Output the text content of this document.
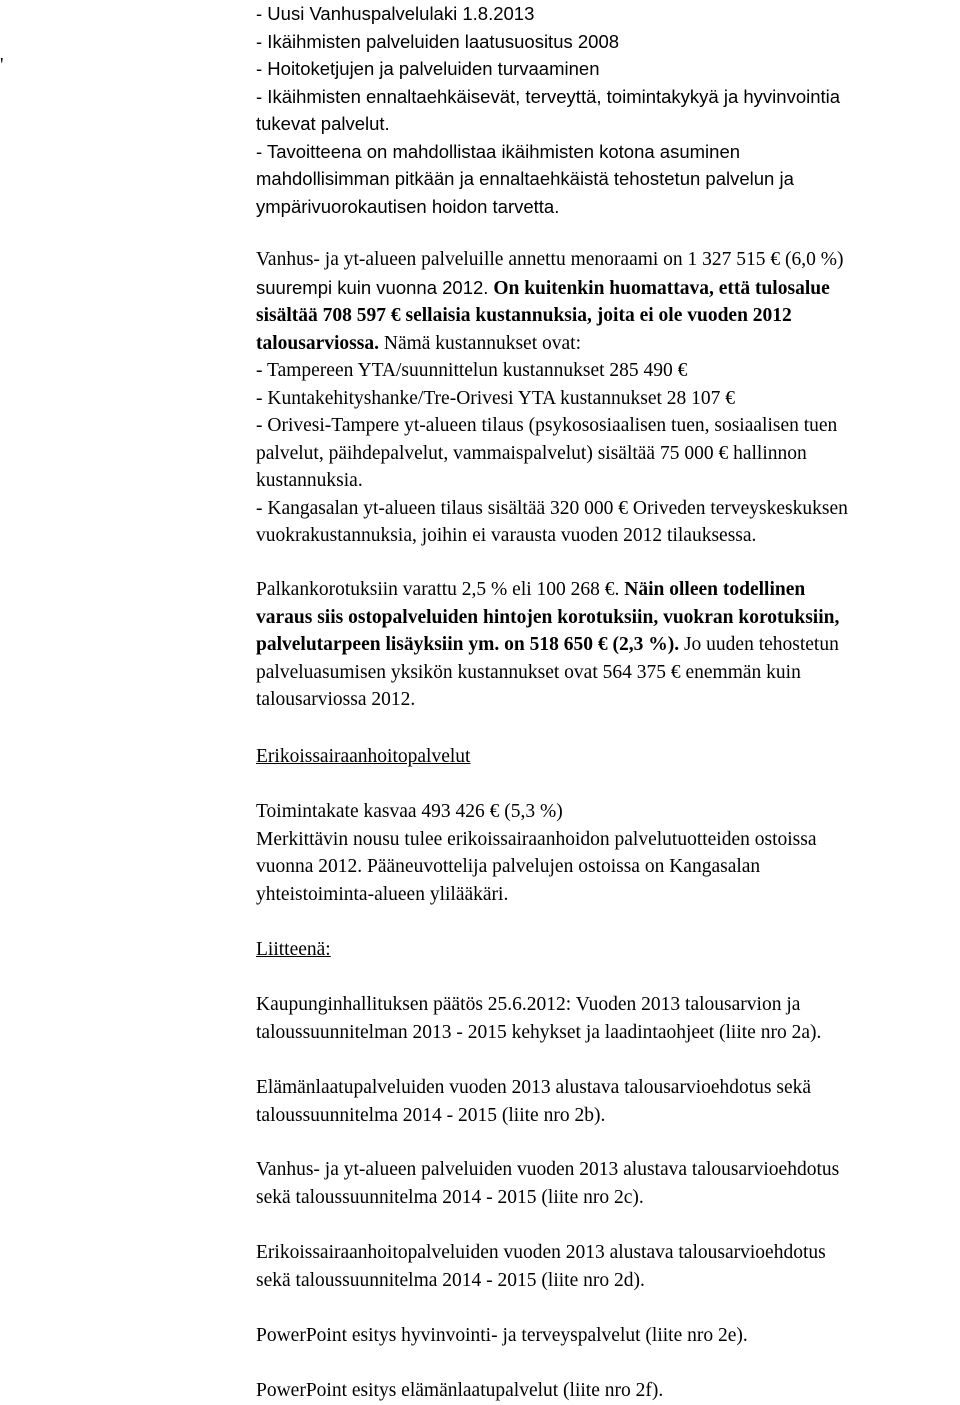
'
- Uusi Vanhuspalvelulaki 1.8.2013
- Ikäihmisten palveluiden laatusuositus 2008
- Hoitoketjujen ja palveluiden turvaaminen
- Ikäihmisten ennaltaehkäisevät, terveyttä, toimintakykyä ja hyvinvointia
tukevat palvelut.
- Tavoitteena on mahdollistaa ikäihmisten kotona asuminen
mahdollisimman pitkään ja ennaltaehkäistä tehostetun palvelun ja
ympärivuorokautisen hoidon tarvetta.
Vanhus- ja yt-alueen palveluille annettu menoraami on 1 327 515 € (6,0 %)
suurempi kuin vuonna 2012. On kuitenkin huomattava, että tulosalue
sisältää 708 597 € sellaisia kustannuksia, joita ei ole vuoden 2012
talousarviossa. Nämä kustannukset ovat:
- Tampereen YTA/suunnittelun kustannukset 285 490 €
- Kuntakehityshanke/Tre-Orivesi YTA kustannukset 28 107 €
- Orivesi-Tampere yt-alueen tilaus (psykososiaalisen tuen, sosiaalisen tuen
palvelut, päihdepalvelut, vammaispalvelut) sisältää 75 000 € hallinnon
kustannuksia.
- Kangasalan yt-alueen tilaus sisältää 320 000 € Oriveden terveyskeskuksen
vuokrakustannuksia, joihin ei varausta vuoden 2012 tilauksessa.
Palkankorotuksiin varattu 2,5 % eli 100 268 €. Näin olleen todellinen
varaus siis ostopalveluiden hintojen korotuksiin, vuokran korotuksiin,
palvelutarpeen lisäyksiin ym. on 518 650 € (2,3 %). Jo uuden tehostetun
palveluasumisen yksikön kustannukset ovat 564 375 € enemmän kuin
talousarviossa 2012.
Erikoissairaanhoitopalvelut
Toimintakate kasvaa 493 426 € (5,3 %)
Merkittävin nousu tulee erikoissairaanhoidon palvelutuotteiden ostoissa
vuonna 2012. Pääneuvottelija palvelujen ostoissa on Kangasalan
yhteistoiminta-alueen ylilääkäri.
Liitteenä:
Kaupunginhallituksen päätös 25.6.2012: Vuoden 2013 talousarvion ja
taloussuunnitelman 2013 - 2015 kehykset ja laadintaohjeet (liite nro 2a).
Elämänlaatupalveluiden vuoden 2013 alustava talousarvioehdotus sekä
taloussuunnitelma 2014 - 2015 (liite nro 2b).
Vanhus- ja yt-alueen palveluiden vuoden 2013 alustava talousarvioehdotus
sekä taloussuunnitelma 2014 - 2015 (liite nro 2c).
Erikoissairaanhoitopalveluiden vuoden 2013 alustava talousarvioehdotus
sekä taloussuunnitelma 2014 - 2015 (liite nro 2d).
PowerPoint esitys hyvinvointi- ja terveyspalvelut (liite nro 2e).
PowerPoint esitys elämänlaatupalvelut (liite nro 2f).
